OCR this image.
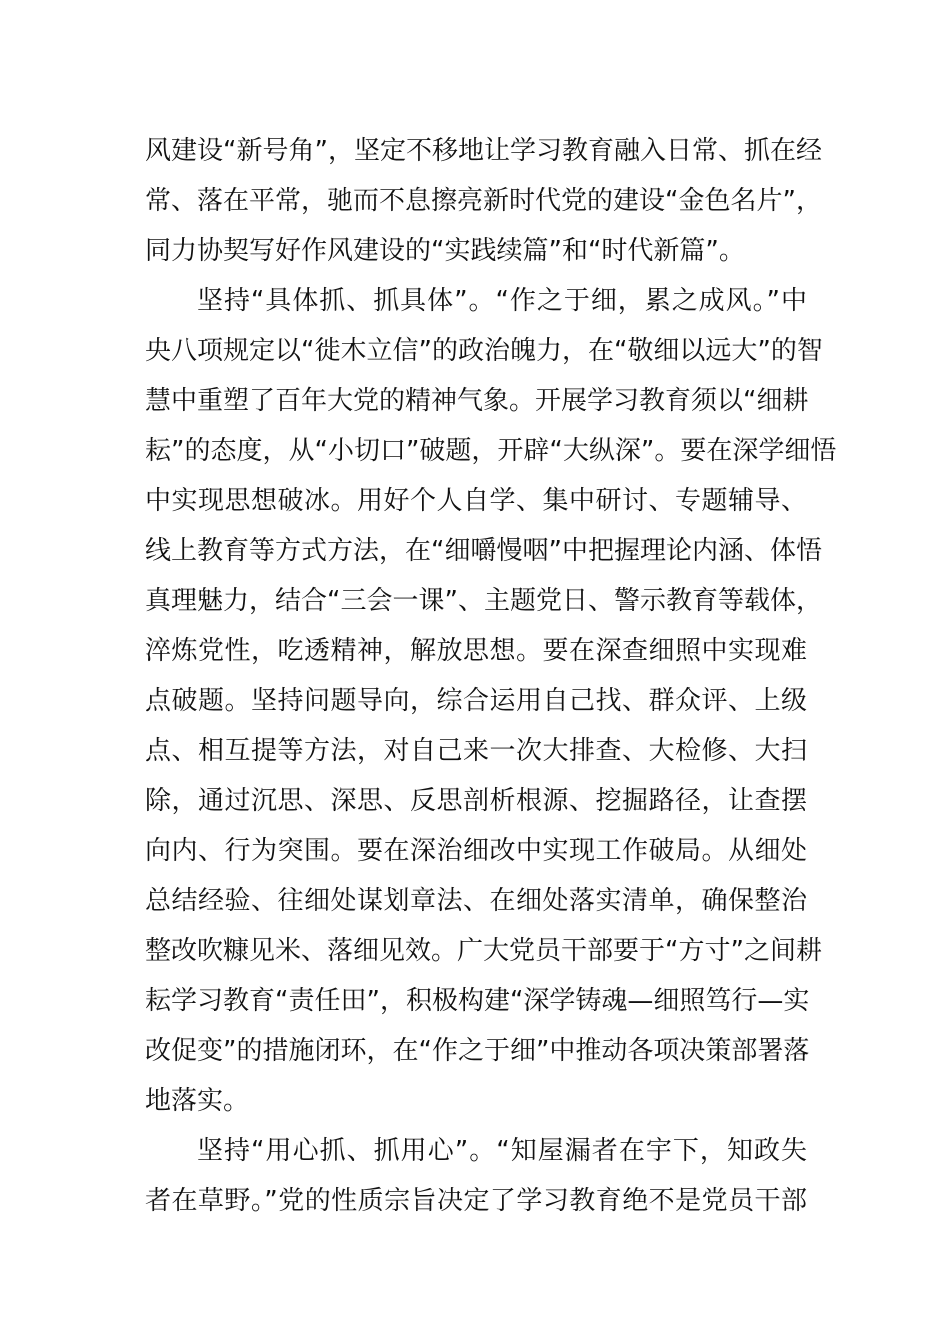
风建设“新号角”，坚定不移地让学习教育融入日常、抓在经
常、落在平常，驰而不息擦亮新时代党的建设“金色名片”，
同力协契写好作风建设的“实践续篇”和“时代新篇”。
坚持“具体抓、抓具体”。“作之于细，累之成风。”中
央八项规定以“徙木立信”的政治魄力，在“敬细以远大”的智
慧中重塑了百年大党的精神气象。开展学习教育须以“细耕
耘”的态度，从“小切口”破题，开辟“大纵深”。要在深学细悟
中实现思想破冰。用好个人自学、集中研讨、专题辅导、
线上教育等方式方法，在“细嚼慢咽”中把握理论内涵、体悟
真理魅力，结合“三会一课”、主题党日、警示教育等载体，
淬炼党性，吃透精神，解放思想。要在深查细照中实现难
点破题。坚持问题导向，综合运用自己找、群众评、上级
点、相互提等方法，对自己来一次大排查、大检修、大扫
除，通过沉思、深思、反思剖析根源、挖掘路径，让查摆
向内、行为突围。要在深治细改中实现工作破局。从细处
总结经验、往细处谋划章法、在细处落实清单，确保整治
整改吹糠见米、落细见效。广大党员干部要于“方寸”之间耕
耘学习教育“责任田”，积极构建“深学铸魂—细照笃行—实
改促变”的措施闭环，在“作之于细”中推动各项决策部署落
地落实。
坚持“用心抓、抓用心”。“知屋漏者在宇下，知政失
者在草野。”党的性质宗旨决定了学习教育绝不是党员干部
